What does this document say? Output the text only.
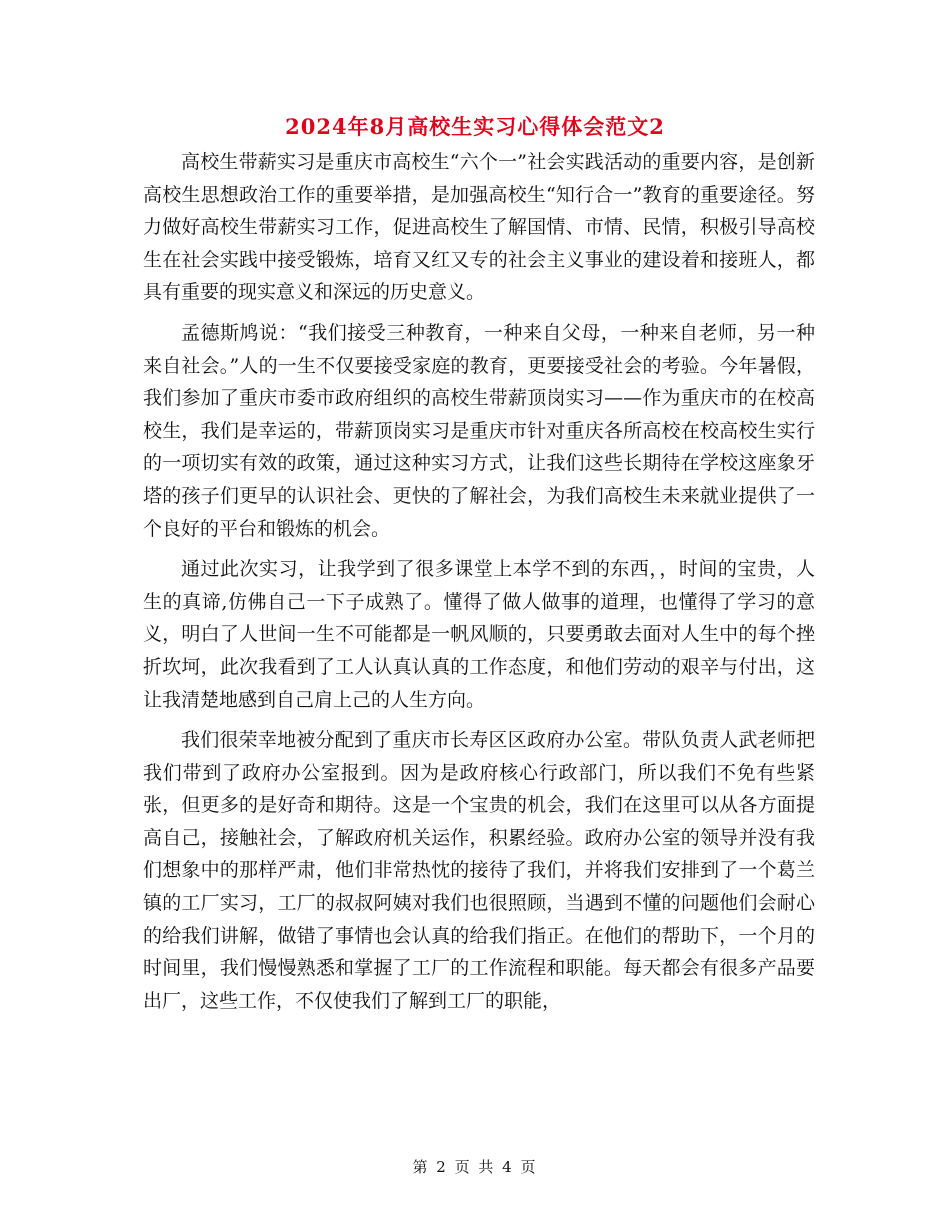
2024年8月高校生实习心得体会范文2

高校生带薪实习是重庆市高校生“六个一”社会实践活动的重要内容，是创新高校生思想政治工作的重要举措，是加强高校生“知行合一”教育的重要途径。努力做好高校生带薪实习工作，促进高校生了解国情、市情、民情，积极引导高校生在社会实践中接受锻炼，培育又红又专的社会主义事业的建设着和接班人，都具有重要的现实意义和深远的历史意义。

孟德斯鸠说：“我们接受三种教育，一种来自父母，一种来自老师，另一种来自社会。”人的一生不仅要接受家庭的教育，更要接受社会的考验。今年暑假，我们参加了重庆市委市政府组织的高校生带薪顶岗实习——作为重庆市的在校高校生，我们是幸运的，带薪顶岗实习是重庆市针对重庆各所高校在校高校生实行的一项切实有效的政策，通过这种实习方式，让我们这些长期待在学校这座象牙塔的孩子们更早的认识社会、更快的了解社会，为我们高校生未来就业提供了一个良好的平台和锻炼的机会。

通过此次实习，让我学到了很多课堂上本学不到的东西，，时间的宝贵，人生的真谛,仿佛自己一下子成熟了。懂得了做人做事的道理，也懂得了学习的意义，明白了人世间一生不可能都是一帆风顺的，只要勇敢去面对人生中的每个挫折坎坷，此次我看到了工人认真认真的工作态度，和他们劳动的艰辛与付出，这让我清楚地感到自己肩上己的人生方向。

我们很荣幸地被分配到了重庆市长寿区区政府办公室。带队负责人武老师把我们带到了政府办公室报到。因为是政府核心行政部门，所以我们不免有些紧张，但更多的是好奇和期待。这是一个宝贵的机会，我们在这里可以从各方面提高自己，接触社会，了解政府机关运作，积累经验。政府办公室的领导并没有我们想象中的那样严肃，他们非常热忱的接待了我们，并将我们安排到了一个葛兰镇的工厂实习，工厂的叔叔阿姨对我们也很照顾，当遇到不懂的问题他们会耐心的给我们讲解，做错了事情也会认真的给我们指正。在他们的帮助下，一个月的时间里，我们慢慢熟悉和掌握了工厂的工作流程和职能。每天都会有很多产品要出厂，这些工作，不仅使我们了解到工厂的职能，

第 2 页 共 4 页
